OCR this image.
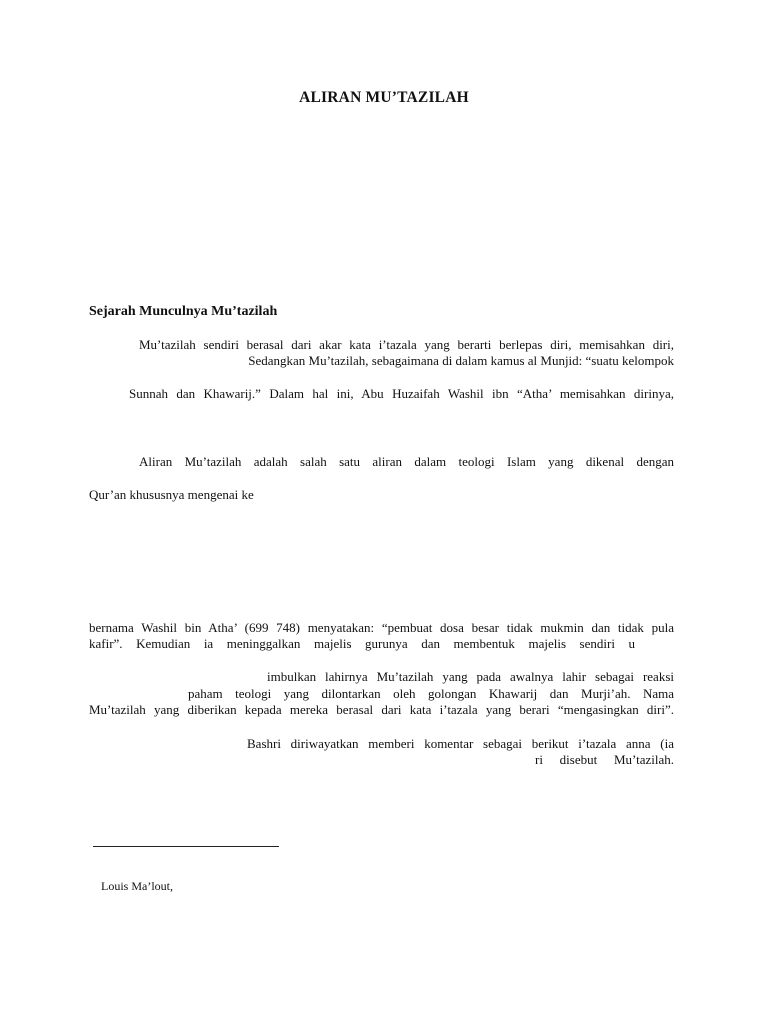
ALIRAN MU’TAZILAH
Sejarah Munculnya Mu’tazilah
Mu’tazilah sendiri berasal dari akar kata i’tazala yang berarti berlepas diri, memisahkan diri,
Sedangkan Mu’tazilah, sebagaimana di dalam kamus al Munjid: “suatu kelompok
Sunnah dan Khawarij.” Dalam hal ini, Abu Huzaifah Washil ibn “Atha’ memisahkan dirinya,
Aliran Mu’tazilah adalah salah satu aliran dalam teologi Islam yang dikenal dengan
Qur’an khususnya mengenai ke
bernama Washil bin Atha’ (699 748) menyatakan: “pembuat dosa besar tidak mukmin dan tidak pula
kafir”. Kemudian ia meninggalkan majelis gurunya dan membentuk majelis sendiri u
imbulkan lahirnya Mu’tazilah yang pada awalnya lahir sebagai reaksi
paham teologi yang dilontarkan oleh golongan Khawarij dan Murji’ah. Nama
Mu’tazilah yang diberikan kepada mereka berasal dari kata i’tazala yang berari “mengasingkan diri”.
Bashri diriwayatkan memberi komentar sebagai berikut i’tazala anna (ia
ri disebut Mu’tazilah.
Louis Ma’lout,
